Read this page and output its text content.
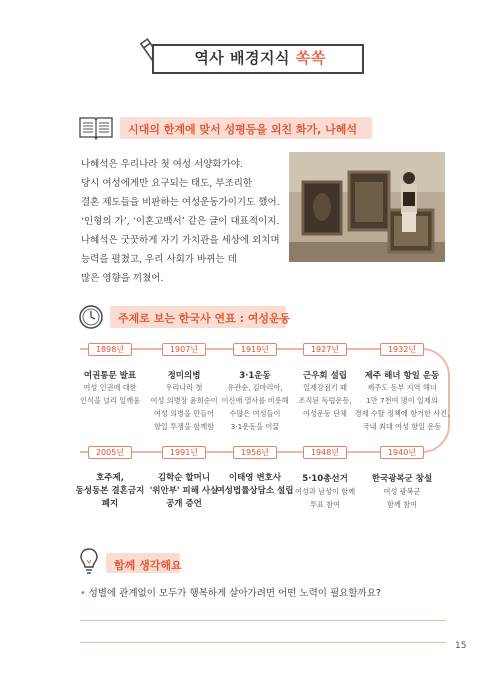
역사 배경지식 쏙쏙
시대의 한계에 맞서 성평등을 외친 화가, 나혜석

나혜석은 우리나라 첫 여성 서양화가야.

당시 여성에게만 요구되는 태도, 부조리한

결혼 제도들을 비판하는 여성운동가이기도 했어.

‘인형의 가’, ‘이혼고백서’ 같은 글이 대표적이지.

나혜석은 굿꿋하게 자기 가치관을 세상에 외치며

능력을 펼쳤고, 우리 사회가 바뀌는 데

많은 영향을 끼쳤어.

주제로 보는 한국사 연표 : 여성운동
1898년
여권통문 발표
여성 인권에 대한
인식을 널리 일깨움
1907년
정미의병
우리나라 첫
여성 의병장 윤희순이
여성 의병을 만들어
항일 투쟁을 함께함
1919년
3·1운동
유관순, 김마리아,
이신애 열사를 비롯해
수많은 여성들이
3·1운동을 이끎
1927년
근우회 설립
일제강점기 때
조직된 독립운동,
여성운동 단체
1932년
제주 해녀 항일 운동
제주도 동부 지역 해녀
1만 7천여 명이 일제의
경제 수탈 정책에 항거한 사건,
국내 최대 여성 항일 운동
2005년
호주제,
동성동본 결혼금지
폐지
1991년
김학순 할머니
'위안부' 피해 사실
공개 증언
1956년
이태영 변호사
여성법률상담소 설립
1948년
5·10총선거
여성과 남성이 함께
투표 참여
1940년
한국광복군 창설
여성 광복군
함께 참여
함께 생각해요
• 성별에 관계없이 모두가 행복하게 살아가려면 어떤 노력이 필요할까요?
15
